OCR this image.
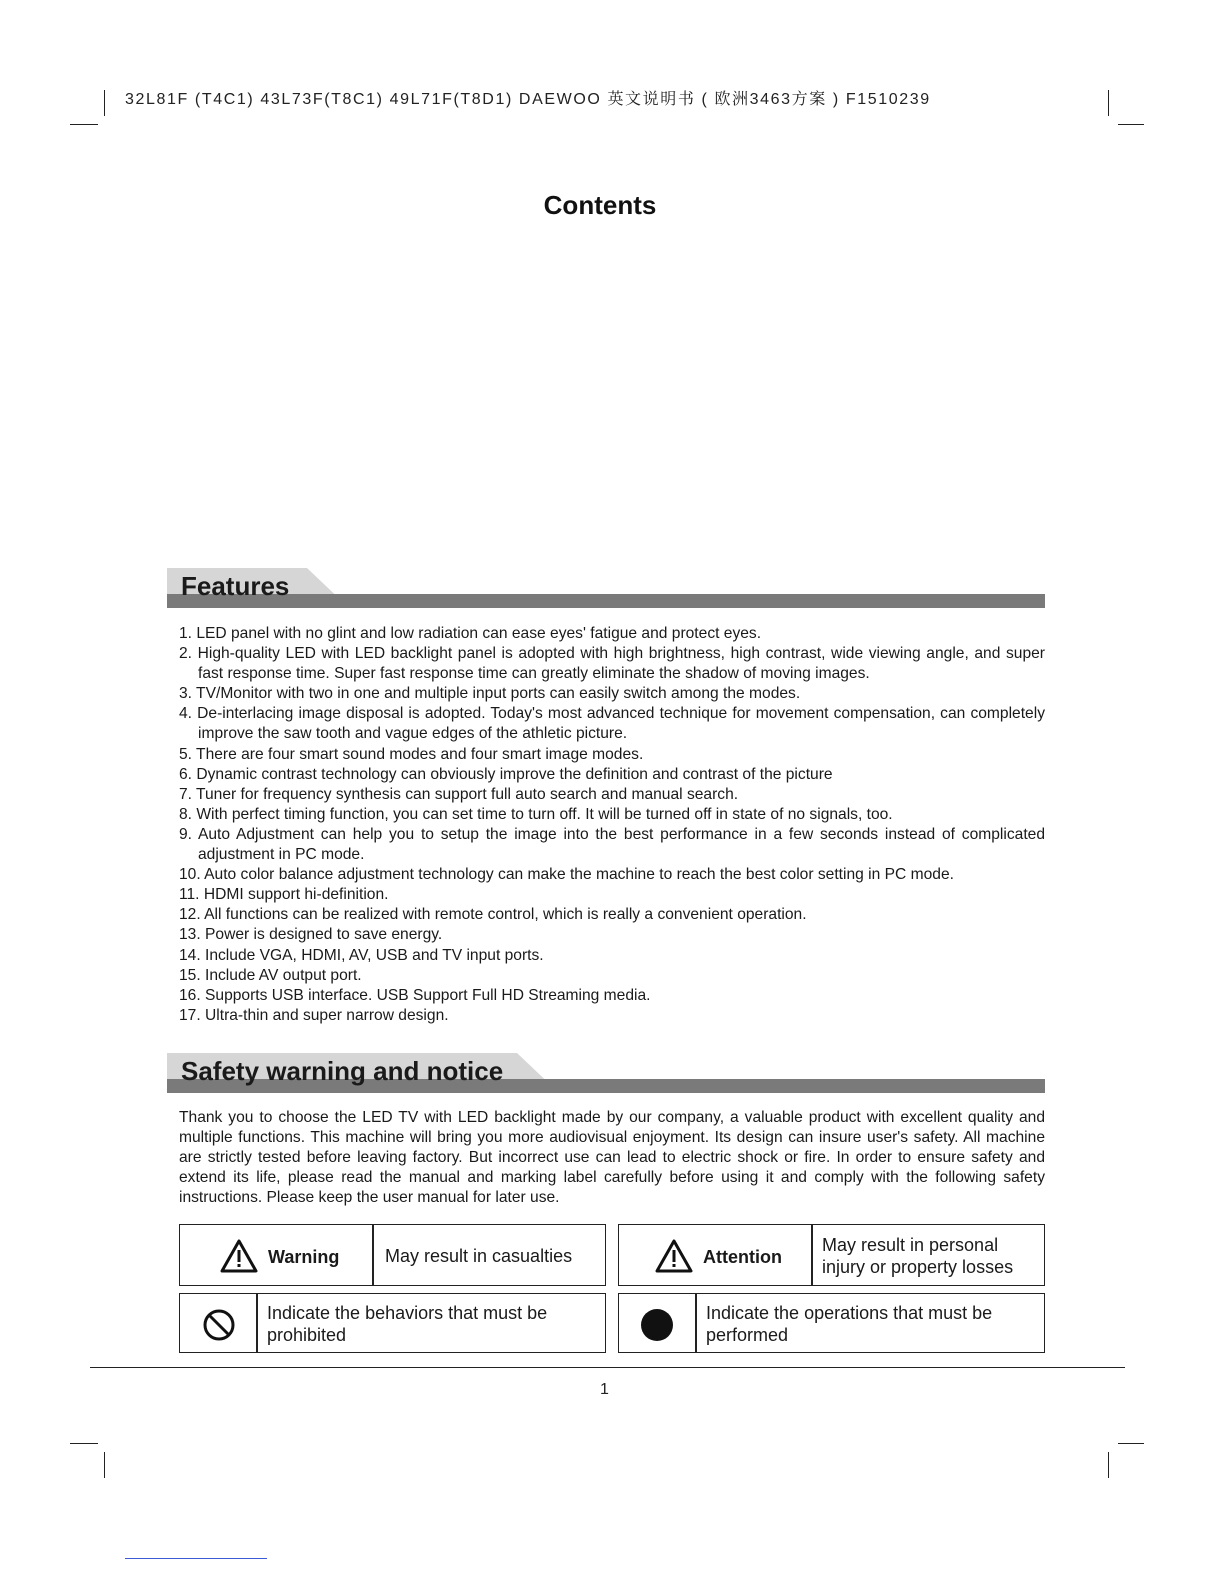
32L81F (T4C1) 43L73F(T8C1) 49L71F(T8D1) DAEWOO 英文说明书 ( 欧洲3463方案 ) F1510239
Contents
Features
1. LED panel with no glint and low radiation can ease eyes' fatigue and protect eyes.
2. High-quality LED with LED backlight panel is adopted with high brightness, high contrast, wide viewing angle, and super fast response time. Super fast response time can greatly eliminate the shadow of moving images.
3. TV/Monitor with two in one and multiple input ports can easily switch among the modes.
4. De-interlacing image disposal is adopted. Today's most advanced technique for movement compensation, can completely improve the saw tooth and vague edges of the athletic picture.
5. There are four smart sound modes and four smart image modes.
6. Dynamic contrast technology can obviously improve the definition and contrast of the picture
7. Tuner for frequency synthesis can support full auto search and manual search.
8. With perfect timing function, you can set time to turn off. It will be turned off in state of no signals, too.
9. Auto Adjustment can help you to setup the image into the best performance in a few seconds instead of complicated adjustment in PC mode.
10. Auto color balance adjustment technology can make the machine to reach the best color setting in PC mode.
11. HDMI support hi-definition.
12. All functions can be realized with remote control, which is really a convenient operation.
13. Power is designed to save energy.
14. Include VGA, HDMI, AV, USB and TV input ports.
15. Include AV output port.
16. Supports USB interface. USB Support Full HD Streaming media.
17. Ultra-thin and super narrow design.
Safety warning and notice
Thank you to choose the LED TV with LED backlight made by our company, a valuable product with excellent quality and multiple functions. This machine will bring you more audiovisual enjoyment. Its design can insure user's safety. All machine are strictly tested before leaving factory. But incorrect use can lead to electric shock or fire. In order to ensure safety and extend its life, please read the manual and marking label carefully before using it and comply with the following safety instructions. Please keep the user manual for later use.
Warning	May result in casualties	Attention
May result in personal
injury or property losses
Indicate the behaviors that must be
prohibited
Indicate the operations that must be
performed
1
